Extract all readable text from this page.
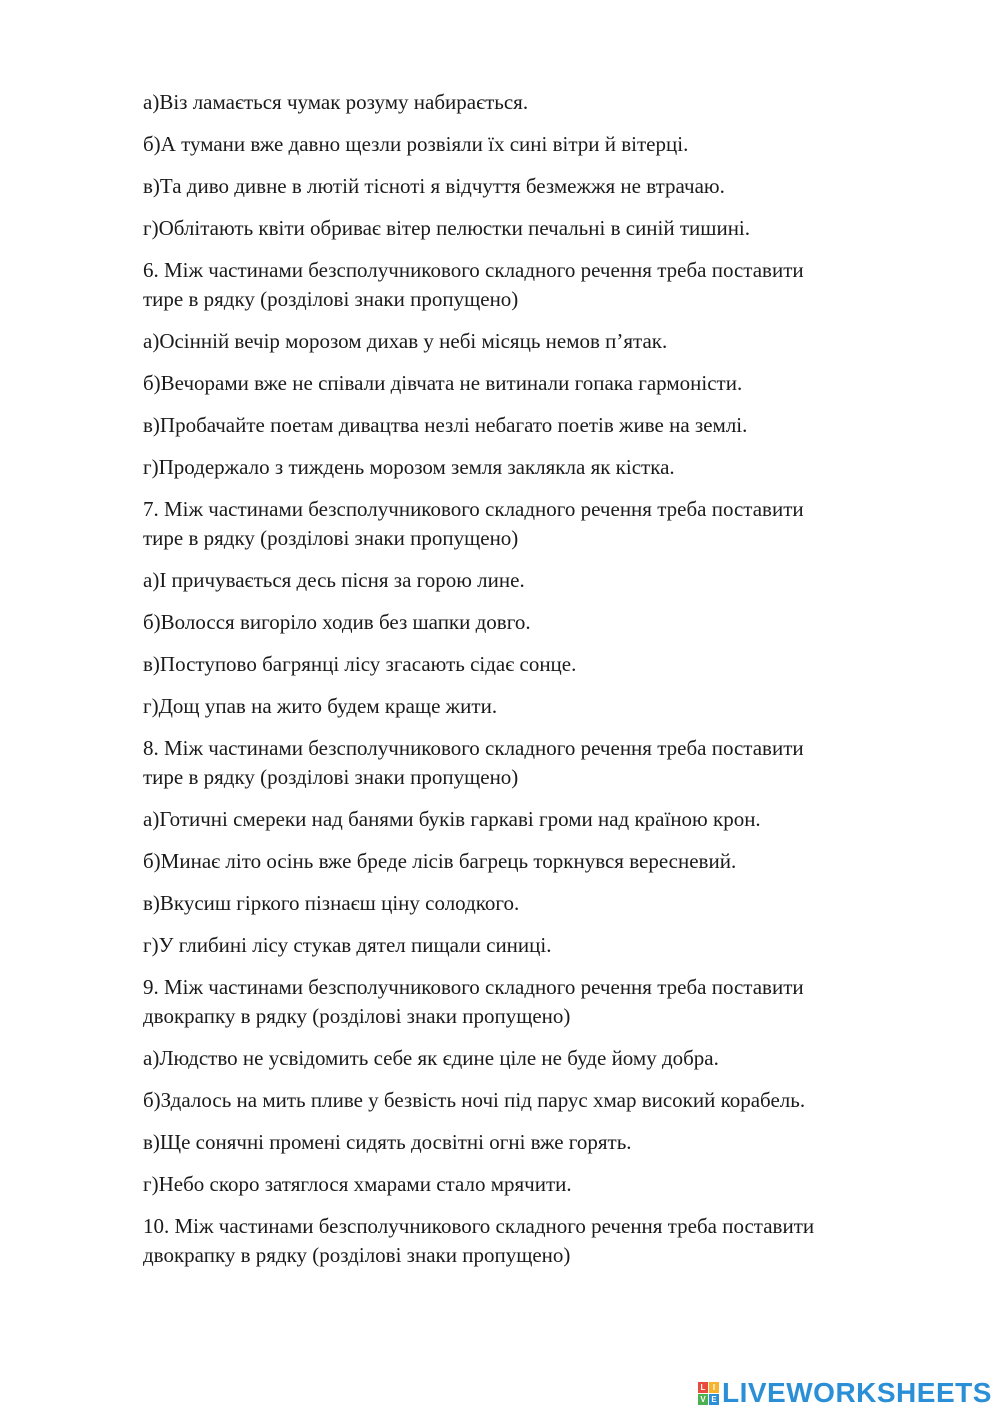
а)Віз ламається чумак розуму набирається.
б)А тумани вже давно щезли розвіяли їх сині вітри й вітерці.
в)Та диво дивне в лютій тісноті я відчуття безмежжя не втрачаю.
г)Облітають квіти обриває вітер пелюстки печальні в синій тишині.
6. Між частинами безсполучникового складного речення треба поставити
тире в рядку (розділові знаки пропущено)
а)Осінній вечір морозом дихав у небі місяць немов п’ятак.
б)Вечорами вже не співали дівчата не витинали гопака гармоністи.
в)Пробачайте поетам дивацтва незлі небагато поетів живе на землі.
г)Продержало з тиждень морозом земля заклякла як кістка.
7. Між частинами безсполучникового складного речення треба поставити
тире в рядку (розділові знаки пропущено)
а)І причувається десь пісня за горою лине.
б)Волосся вигоріло ходив без шапки довго.
в)Поступово багрянці лісу згасають сідає сонце.
г)Дощ упав на жито будем краще жити.
8. Між частинами безсполучникового складного речення треба поставити
тире в рядку (розділові знаки пропущено)
а)Готичні смереки над банями буків гаркаві громи над країною крон.
б)Минає літо осінь вже бреде лісів багрець торкнувся вересневий.
в)Вкусиш гіркого пізнаєш ціну солодкого.
г)У глибині лісу стукав дятел пищали синиці.
9. Між частинами безсполучникового складного речення треба поставити
двокрапку в рядку (розділові знаки пропущено)
а)Людство не усвідомить себе як єдине ціле не буде йому добра.
б)Здалось на мить пливе у безвість ночі під парус хмар високий корабель.
в)Ще сонячні промені сидять досвітні огні вже горять.
г)Небо скоро затяглося хмарами стало мрячити.
10. Між частинами безсполучникового складного речення треба поставити
двокрапку в рядку (розділові знаки пропущено)
L I
V E LIVEWORKSHEETS
